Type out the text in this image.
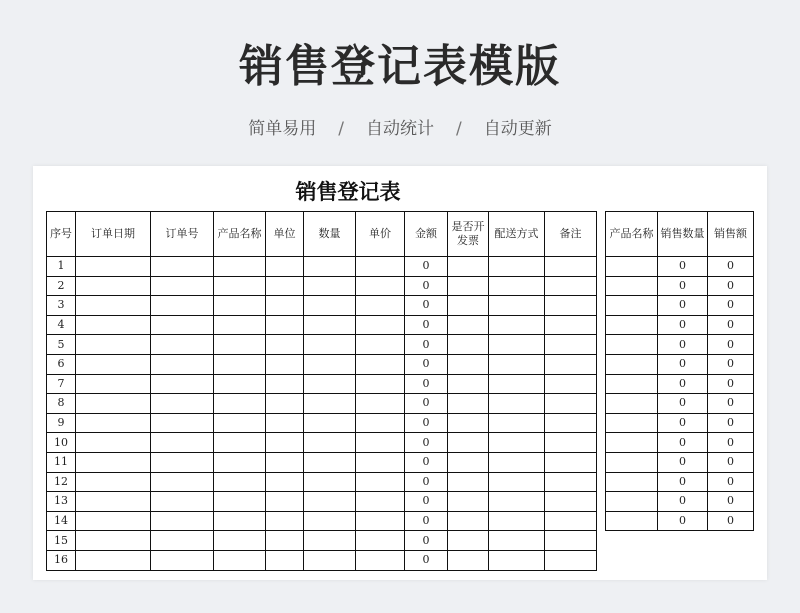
销售登记表模版
简单易用 / 自动统计 / 自动更新
销售登记表
序号	订单日期	订单号	产品名称	单位	数量	单价	金额	是否开发票	配送方式	备注
1							0			
2							0			
3							0			
4							0			
5							0			
6							0			
7							0			
8							0			
9							0			
10							0			
11							0			
12							0			
13							0			
14							0			
15							0			
16							0			
产品名称	销售数量	销售额
	0	0
	0	0
	0	0
	0	0
	0	0
	0	0
	0	0
	0	0
	0	0
	0	0
	0	0
	0	0
	0	0
	0	0
